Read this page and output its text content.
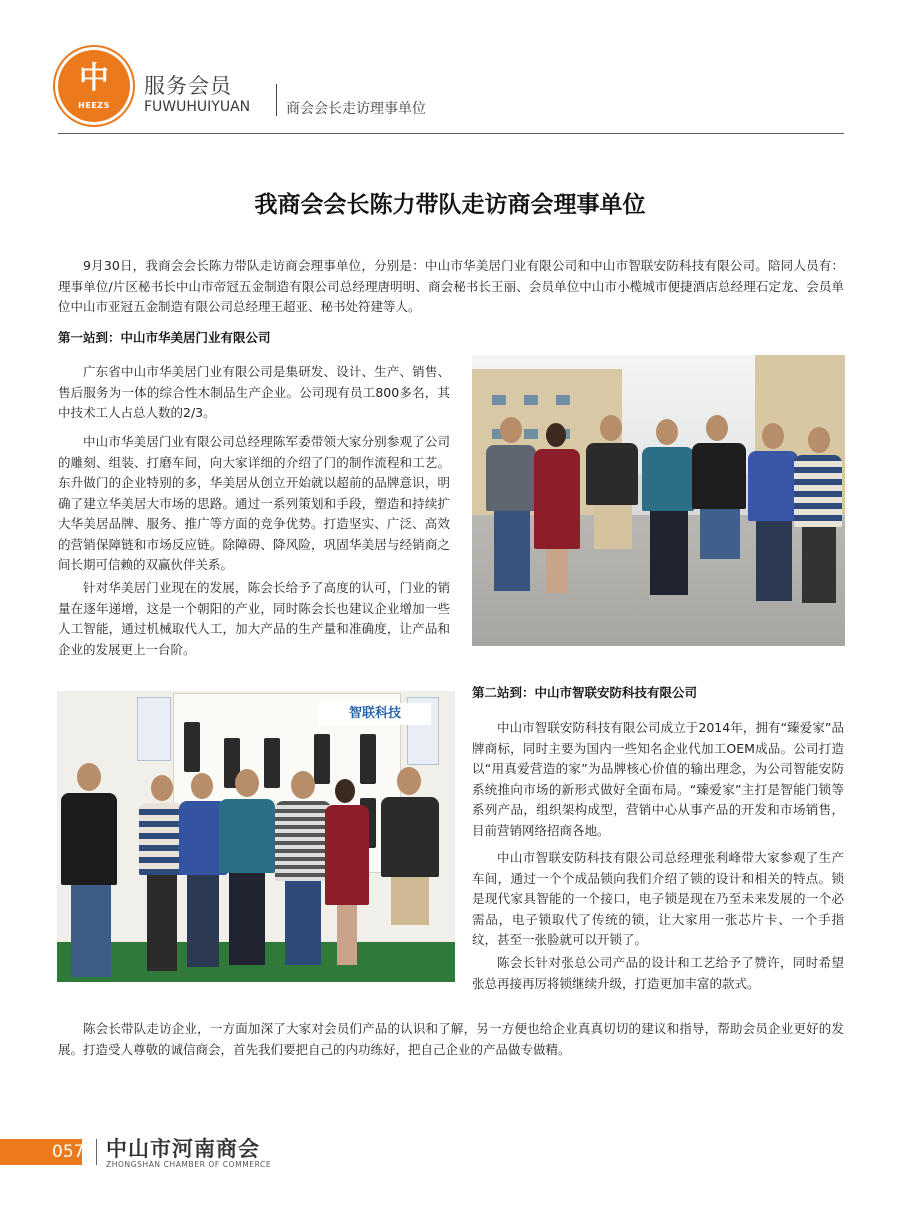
中
HEEZS
服务会员
FUWUHUIYUAN	商会会长走访理事单位
我商会会长陈力带队走访商会理事单位

9月30日，我商会会长陈力带队走访商会理事单位，分别是：中山市华美居门业有限公司和中山市智联安防科技有限公司。陪同人员有：理事单位/片区秘书长中山市帝冠五金制造有限公司总经理唐明明、商会秘书长王丽、会员单位中山市小榄城市便捷酒店总经理石定龙、会员单位中山市亚冠五金制造有限公司总经理王超亚、秘书处符建等人。

第一站到：中山市华美居门业有限公司

广东省中山市华美居门业有限公司是集研发、设计、生产、销售、售后服务为一体的综合性木制品生产企业。公司现有员工800多名，其中技术工人占总人数的2/3。

中山市华美居门业有限公司总经理陈军委带领大家分别参观了公司的雕刻、组装、打磨车间，向大家详细的介绍了门的制作流程和工艺。东升做门的企业特别的多，华美居从创立开始就以超前的品牌意识，明确了建立华美居大市场的思路。通过一系列策划和手段，塑造和持续扩大华美居品牌、服务、推广等方面的竞争优势。打造坚实、广泛、高效的营销保障链和市场反应链。除障碍、降风险，巩固华美居与经销商之间长期可信赖的双赢伙伴关系。

针对华美居门业现在的发展，陈会长给予了高度的认可，门业的销量在逐年递增，这是一个朝阳的产业，同时陈会长也建议企业增加一些人工智能，通过机械取代人工，加大产品的生产量和准确度，让产品和企业的发展更上一台阶。

智联科技
第二站到：中山市智联安防科技有限公司

中山市智联安防科技有限公司成立于2014年，拥有“臻爱家”品牌商标，同时主要为国内一些知名企业代加工OEM成品。公司打造以“用真爱营造的家”为品牌核心价值的输出理念，为公司智能安防系统推向市场的新形式做好全面布局。“臻爱家”主打是智能门锁等系列产品，组织架构成型，营销中心从事产品的开发和市场销售，目前营销网络招商各地。

中山市智联安防科技有限公司总经理张利峰带大家参观了生产车间，通过一个个成品锁向我们介绍了锁的设计和相关的特点。锁是现代家具智能的一个接口，电子锁是现在乃至未来发展的一个必需品，电子锁取代了传统的锁，让大家用一张芯片卡、一个手指纹，甚至一张脸就可以开锁了。

陈会长针对张总公司产品的设计和工艺给予了赞许，同时希望张总再接再厉将锁继续升级，打造更加丰富的款式。

陈会长带队走访企业，一方面加深了大家对会员们产品的认识和了解，另一方便也给企业真真切切的建议和指导，帮助会员企业更好的发展。打造受人尊敬的诚信商会，首先我们要把自己的内功练好，把自己企业的产品做专做精。

057 中山市河南商会
ZHONGSHAN CHAMBER OF COMMERCE
